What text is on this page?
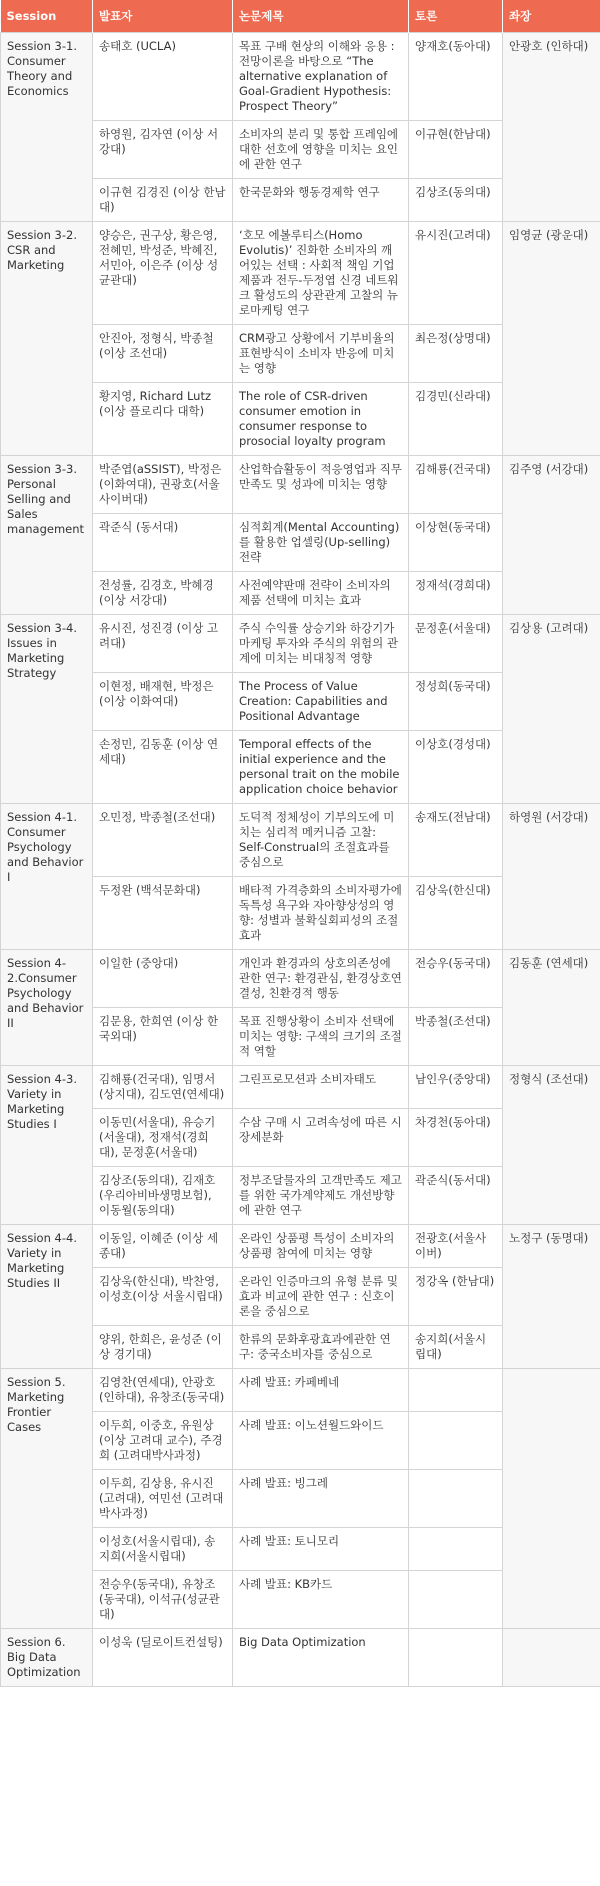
Session	발표자	논문제목	토론	좌장
Session 3-1. Consumer Theory and Economics	송태호 (UCLA)	목표 구배 현상의 이해와 응용 : 전망이론을 바탕으로 “The alternative explanation of Goal-Gradient Hypothesis: Prospect Theory”	양재호(동아대)	안광호 (인하대)
	하영원, 김자연 (이상 서강대)	소비자의 분리 및 통합 프레임에 대한 선호에 영향을 미치는 요인에 관한 연구	이규현(한남대)	
	이규현 김경진 (이상 한남대)	한국문화와 행동경제학 연구	김상조(동의대)	
Session 3-2. CSR and Marketing	양승은, 권구상, 황은영, 전혜민, 박성준, 박혜진, 서민아, 이은주 (이상 성균관대)	‘호모 에볼루티스(Homo Evolutis)’ 진화한 소비자의 깨어있는 선택 : 사회적 책임 기업 제품과 전두-두정엽 신경 네트워크 활성도의 상관관계 고찰의 뉴로마케팅 연구	유시진(고려대)	임영균 (광운대)
	안진아, 정형식, 박종철 (이상 조선대)	CRM광고 상황에서 기부비율의 표현방식이 소비자 반응에 미치는 영향	최은정(상명대)	
	황지영, Richard Lutz (이상 플로리다 대학)	The role of CSR-driven consumer emotion in consumer response to prosocial loyalty program	김경민(신라대)	
Session 3-3. Personal Selling and Sales management	박준엽(aSSIST), 박정은(이화여대), 권광호(서울사이버대)	산업학습활동이 적응영업과 직무만족도 및 성과에 미치는 영향	김해룡(건국대)	김주영 (서강대)
	곽준식 (동서대)	심적회계(Mental Accounting)를 활용한 업셀링(Up-selling) 전략	이상현(동국대)	
	전성률, 김경호, 박혜경 (이상 서강대)	사전예약판매 전략이 소비자의 제품 선택에 미치는 효과	정재석(경희대)	
Session 3-4. Issues in Marketing Strategy	유시진, 성진경 (이상 고려대)	주식 수익률 상승기와 하강기가 마케팅 투자와 주식의 위험의 관계에 미치는 비대칭적 영향	문정훈(서울대)	김상용 (고려대)
	이현정, 배재현, 박정은 (이상 이화여대)	The Process of Value Creation: Capabilities and Positional Advantage	정성희(동국대)	
	손정민, 김동훈 (이상 연세대)	Temporal effects of the initial experience and the personal trait on the mobile application choice behavior	이상호(경성대)	
Session 4-1. Consumer Psychology and Behavior I	오민정, 박종철(조선대)	도덕적 정체성이 기부의도에 미치는 심리적 메커니즘 고찰: Self-Construal의 조절효과를 중심으로	송재도(전남대)	하영원 (서강대)
	두정완 (백석문화대)	배타적 가격층화의 소비자평가에 독특성 욕구와 자아향상성의 영향: 성별과 불확실회피성의 조절 효과	김상욱(한신대)	
Session 4-2.Consumer Psychology and Behavior II	이일한 (중앙대)	개인과 환경과의 상호의존성에 관한 연구: 환경관심, 환경상호연결성, 친환경적 행동	전승우(동국대)	김동훈 (연세대)
	김문용, 한희연 (이상 한국외대)	목표 진행상황이 소비자 선택에 미치는 영향: 구색의 크기의 조절적 역할	박종철(조선대)	
Session 4-3. Variety in Marketing Studies I	김해룡(건국대), 임명서(상지대), 김도연(연세대)	그린프로모션과 소비자태도	남인우(중앙대)	정형식 (조선대)
	이동민(서울대), 유승기(서울대), 정재석(경희대), 문정훈(서울대)	수삼 구매 시 고려속성에 따른 시장세분화	차경천(동아대)	
	김상조(동의대), 김재호(우리아비바생명보험), 이동월(동의대)	정부조달물자의 고객만족도 제고를 위한 국가계약제도 개선방향에 관한 연구	곽준식(동서대)	
Session 4-4. Variety in Marketing Studies II	이동일, 이혜준 (이상 세종대)	온라인 상품평 특성이 소비자의 상품평 참여에 미치는 영향	전광호(서울사이버)	노정구 (동명대)
	김상욱(한신대), 박찬영, 이성호(이상 서울시립대)	온라인 인증마크의 유형 분류 및 효과 비교에 관한 연구 : 신호이론을 중심으로	정강옥 (한남대)	
	양위, 한희은, 윤성준 (이상 경기대)	한류의 문화후광효과에관한 연구: 중국소비자를 중심으로	송지희(서울시립대)	
Session 5. Marketing Frontier Cases	김영찬(연세대), 안광호(인하대), 유창조(동국대)	사례 발표: 카페베네		
	이두희, 이중호, 유원상 (이상 고려대 교수), 주경희 (고려대박사과정)	사례 발표: 이노션월드와이드		
	이두희, 김상용, 유시진 (고려대), 여민선 (고려대 박사과정)	사례 발표: 빙그레		
	이성호(서울시립대), 송지희(서울시립대)	사례 발표: 토니모리		
	전승우(동국대), 유창조(동국대), 이석규(성균관대)	사례 발표: KB카드		
Session 6. Big Data Optimization	이성욱 (딜로이트컨설팅)	Big Data Optimization		
